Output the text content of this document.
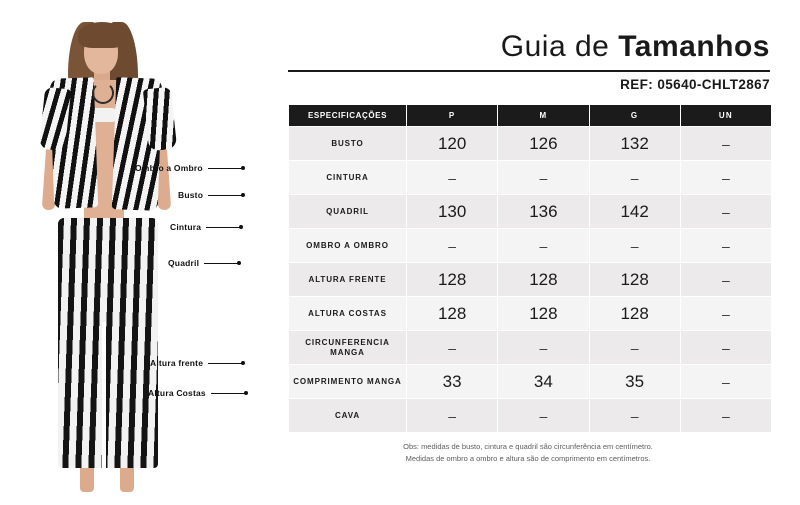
Ombro a Ombro
Busto
Cintura
Quadril
Altura frente
Altura Costas
Guia de Tamanhos
REF: 05640-CHLT2867
ESPECIFICAÇÕES	P	M	G	UN
BUSTO	120	126	132	–
CINTURA	–	–	–	–
QUADRIL	130	136	142	–
OMBRO A OMBRO	–	–	–	–
ALTURA FRENTE	128	128	128	–
ALTURA COSTAS	128	128	128	–
CIRCUNFERENCIA MANGA	–	–	–	–
COMPRIMENTO MANGA	33	34	35	–
CAVA	–	–	–	–
Obs: medidas de busto, cintura e quadril são circunferência em centímetro.
Medidas de ombro a ombro e altura são de comprimento em centímetros.
